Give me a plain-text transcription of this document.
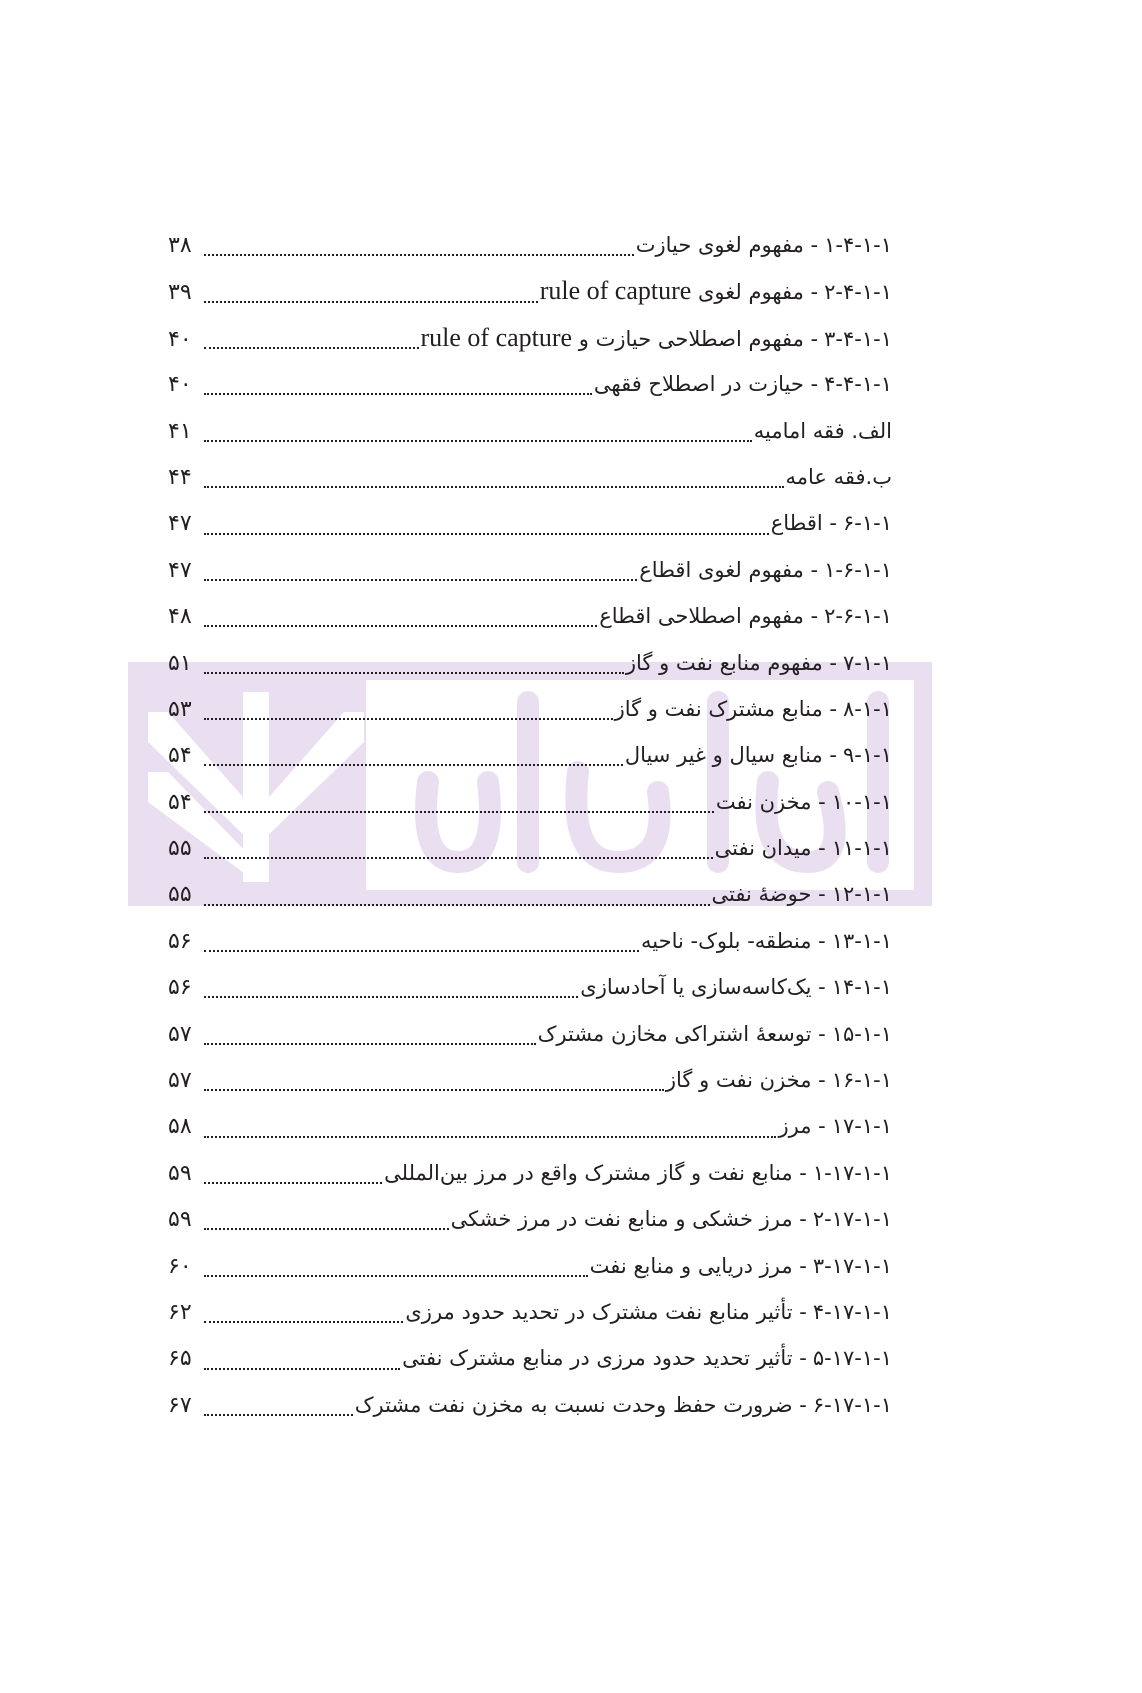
۱-۴-۱-۱
- مفهوم لغوی حیازت
۳۸
۲-۴-۱-۱
- مفهوم لغوی rule of capture
۳۹
۳-۴-۱-۱
- مفهوم اصطلاحی حیازت و rule of capture
۴۰
۴-۴-۱-۱
- حیازت در اصطلاح فقهی
۴۰
الف. فقه امامیه
۴۱
ب.فقه عامه
۴۴
۶-۱-۱
- اقطاع
۴۷
۱-۶-۱-۱
- مفهوم لغوی اقطاع
۴۷
۲-۶-۱-۱
- مفهوم اصطلاحی اقطاع
۴۸
۷-۱-۱
- مفهوم منابع نفت و گاز
۵۱
۸-۱-۱
- منابع مشترک نفت و گاز
۵۳
۹-۱-۱
- منابع سیال و غیر سیال
۵۴
۱۰-۱-۱
- مخزن نفت
۵۴
۱۱-۱-۱
- میدان نفتی
۵۵
۱۲-۱-۱
- حوضهٔ نفتی
۵۵
۱۳-۱-۱
- منطقه- بلوک- ناحیه
۵۶
۱۴-۱-۱
- یک‌کاسه‌سازی یا آحادسازی
۵۶
۱۵-۱-۱
- توسعهٔ اشتراکی مخازن مشترک
۵۷
۱۶-۱-۱
- مخزن نفت و گاز
۵۷
۱۷-۱-۱
- مرز
۵۸
۱-۱۷-۱-۱
- منابع نفت و گاز مشترک واقع در مرز بین‌المللی
۵۹
۲-۱۷-۱-۱
- مرز خشکی و منابع نفت در مرز خشکی
۵۹
۳-۱۷-۱-۱
- مرز دریایی و منابع نفت
۶۰
۴-۱۷-۱-۱
- تأثیر منابع نفت مشترک در تحدید حدود مرزی
۶۲
۵-۱۷-۱-۱
- تأثیر تحدید حدود مرزی در منابع مشترک نفتی
۶۵
۶-۱۷-۱-۱
- ضرورت حفظ وحدت نسبت به مخزن نفت مشترک
۶۷
